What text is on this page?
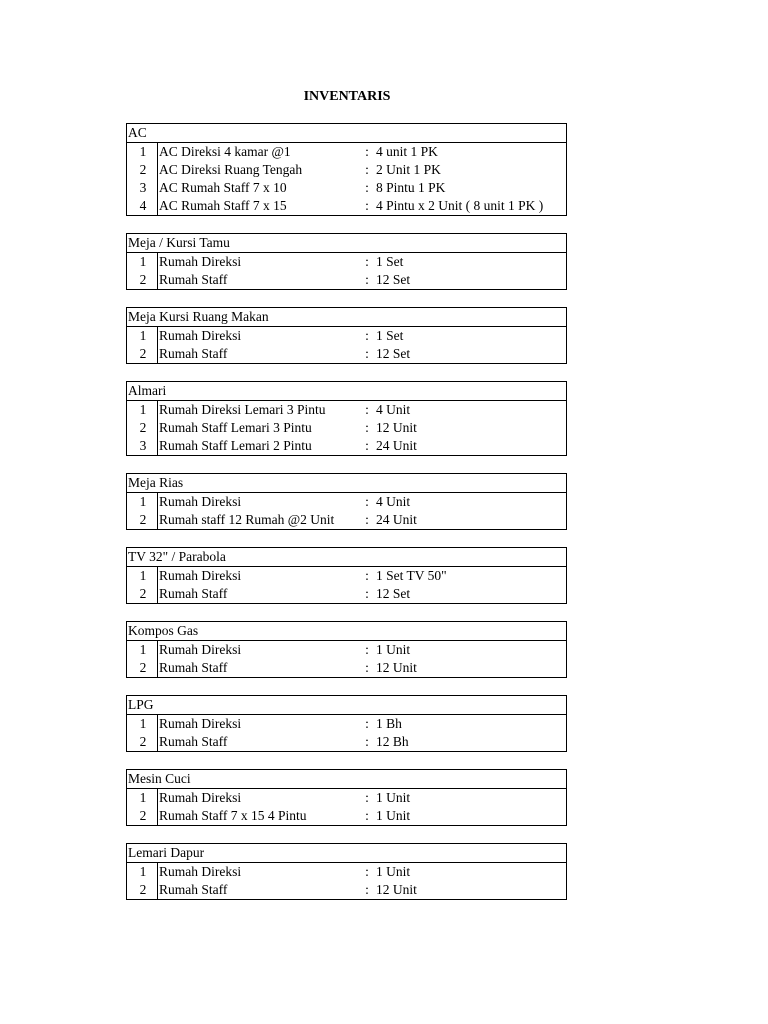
INVENTARIS
AC
1 AC Direksi 4 kamar @1	: 4 unit 1 PK
2 AC Direksi Ruang Tengah	: 2 Unit 1 PK
3 AC Rumah Staff 7 x 10	: 8 Pintu 1 PK
4 AC Rumah Staff 7 x 15	: 4 Pintu x 2 Unit ( 8 unit 1 PK )
Meja / Kursi Tamu
1 Rumah Direksi	: 1 Set
2 Rumah Staff	: 12 Set
Meja Kursi Ruang Makan
1 Rumah Direksi	: 1 Set
2 Rumah Staff	: 12 Set
Almari
1 Rumah Direksi Lemari 3 Pintu	: 4 Unit
2 Rumah Staff Lemari 3 Pintu	: 12 Unit
3 Rumah Staff Lemari 2 Pintu	: 24 Unit
Meja Rias
1 Rumah Direksi	: 4 Unit
2 Rumah staff 12 Rumah @2 Unit	: 24 Unit
TV 32" / Parabola
1 Rumah Direksi	: 1 Set TV 50"
2 Rumah Staff	: 12 Set
Kompos Gas
1 Rumah Direksi	: 1 Unit
2 Rumah Staff	: 12 Unit
LPG
1 Rumah Direksi	: 1 Bh
2 Rumah Staff	: 12 Bh
Mesin Cuci
1 Rumah Direksi	: 1 Unit
2 Rumah Staff 7 x 15 4 Pintu	: 1 Unit
Lemari Dapur
1 Rumah Direksi	: 1 Unit
2 Rumah Staff	: 12 Unit
